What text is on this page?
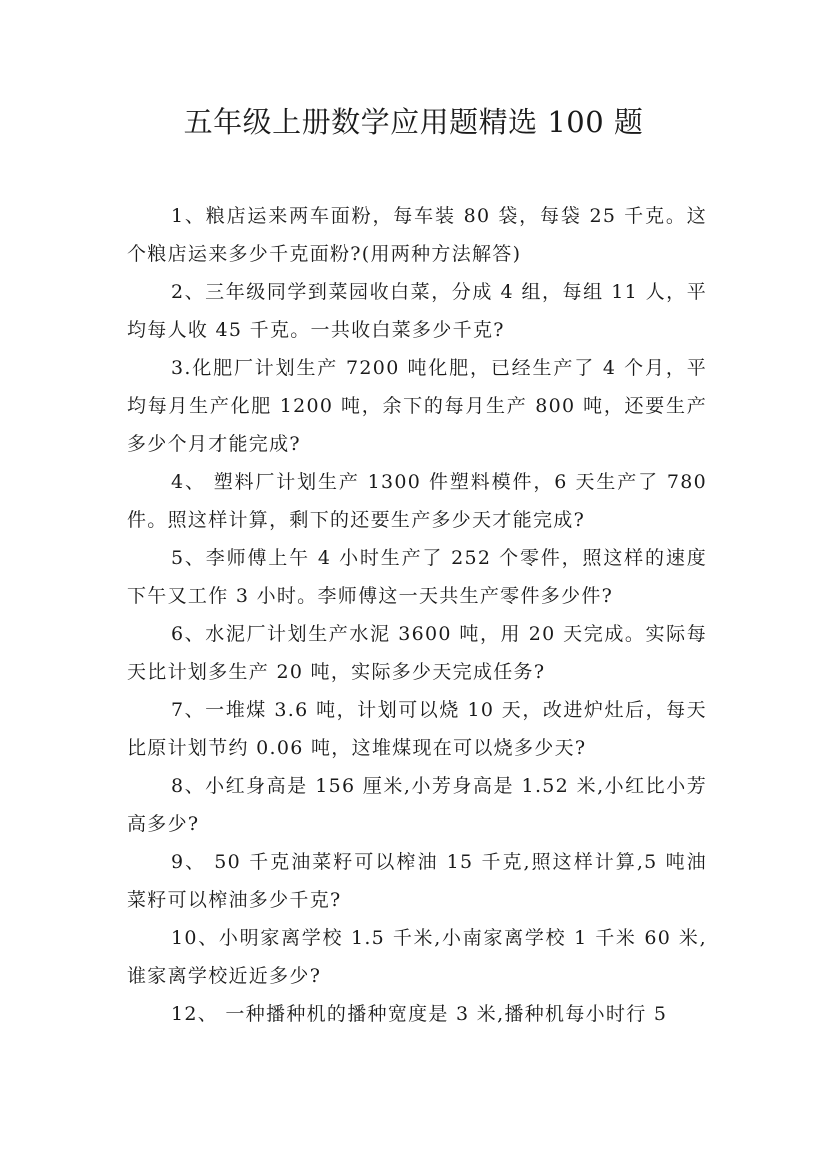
五年级上册数学应用题精选 100 题

1、粮店运来两车面粉，每车装 80 袋，每袋 25 千克。这个粮店运来多少千克面粉?(用两种方法解答)

2、三年级同学到菜园收白菜，分成 4 组，每组 11 人，平均每人收 45 千克。一共收白菜多少千克?

3.化肥厂计划生产 7200 吨化肥，已经生产了 4 个月，平均每月生产化肥 1200 吨，余下的每月生产 800 吨，还要生产多少个月才能完成?

4、 塑料厂计划生产 1300 件塑料模件，6 天生产了 780 件。照这样计算，剩下的还要生产多少天才能完成?

5、李师傅上午 4 小时生产了 252 个零件，照这样的速度下午又工作 3 小时。李师傅这一天共生产零件多少件?

6、水泥厂计划生产水泥 3600 吨，用 20 天完成。实际每天比计划多生产 20 吨，实际多少天完成任务?

7、一堆煤 3.6 吨，计划可以烧 10 天，改进炉灶后，每天比原计划节约 0.06 吨，这堆煤现在可以烧多少天?

8、小红身高是 156 厘米,小芳身高是 1.52 米,小红比小芳高多少?

9、 50 千克油菜籽可以榨油 15 千克,照这样计算,5 吨油菜籽可以榨油多少千克?

10、小明家离学校 1.5 千米,小南家离学校 1 千米 60 米,谁家离学校近近多少?

12、 一种播种机的播种宽度是 3 米,播种机每小时行 5
